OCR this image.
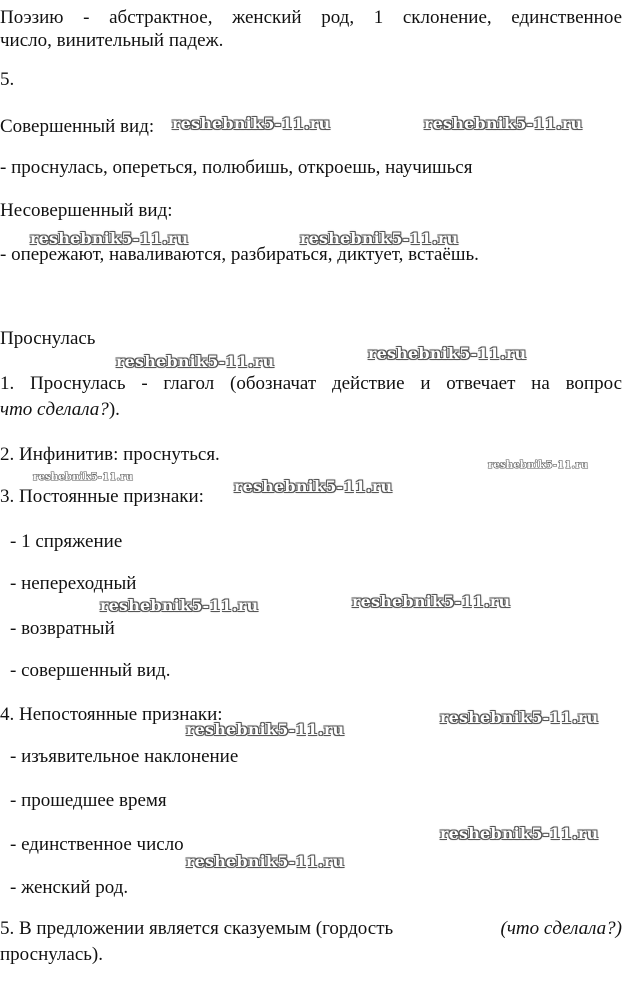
Поэзию - абстрактное, женский род, 1 склонение, единственное
число, винительный падеж.
5.
Совершенный вид:
- проснулась, опереться, полюбишь, откроешь, научишься
Несовершенный вид:
- опережают, наваливаются, разбираться, диктует, встаёшь.
Проснулась
1. Проснулась - глагол (обозначат действие и отвечает на вопрос
что сделала?).
2. Инфинитив: проснуться.
3. Постоянные признаки:
- 1 спряжение
- непереходный
- возвратный
- совершенный вид.
4. Непостоянные признаки:
- изъявительное наклонение
- прошедшее время
- единственное число
- женский род.
5. В предложении является сказуемым (гордость	(что сделала?)
проснулась).
reshebnik5-11.ru	reshebnik5-11.ru
reshebnik5-11.ru	reshebnik5-11.ru
reshebnik5-11.ru	reshebnik5-11.ru
reshebnik5-11.ru
reshebnik5-11.ru
reshebnik5-11.ru
reshebnik5-11.ru	reshebnik5-11.ru
reshebnik5-11.ru
reshebnik5-11.ru
reshebnik5-11.ru
reshebnik5-11.ru
